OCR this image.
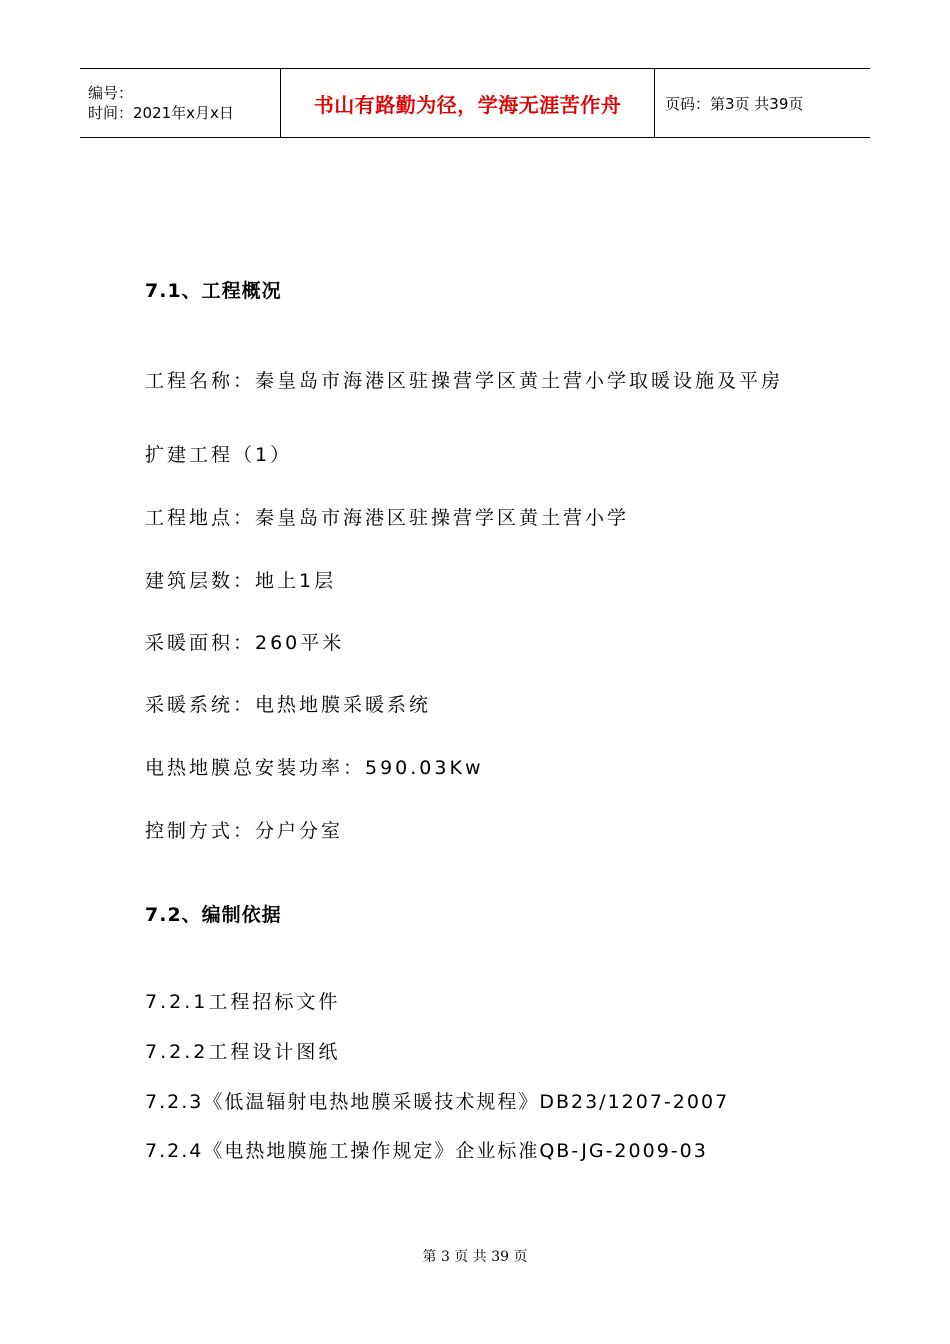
编号：
时间：2021年x月x日	书山有路勤为径，学海无涯苦作舟	页码：第3页 共39页
7.1、工程概况
工程名称：秦皇岛市海港区驻操营学区黄土营小学取暖设施及平房
扩建工程（1）
工程地点：秦皇岛市海港区驻操营学区黄土营小学
建筑层数：地上1层
采暖面积：260平米
采暖系统：电热地膜采暖系统
电热地膜总安装功率：590.03Kw
控制方式：分户分室
7.2、编制依据
7.2.1工程招标文件
7.2.2工程设计图纸
7.2.3《低温辐射电热地膜采暖技术规程》DB23/1207-2007
7.2.4《电热地膜施工操作规定》企业标准QB-JG-2009-03
第 3 页 共 39 页
